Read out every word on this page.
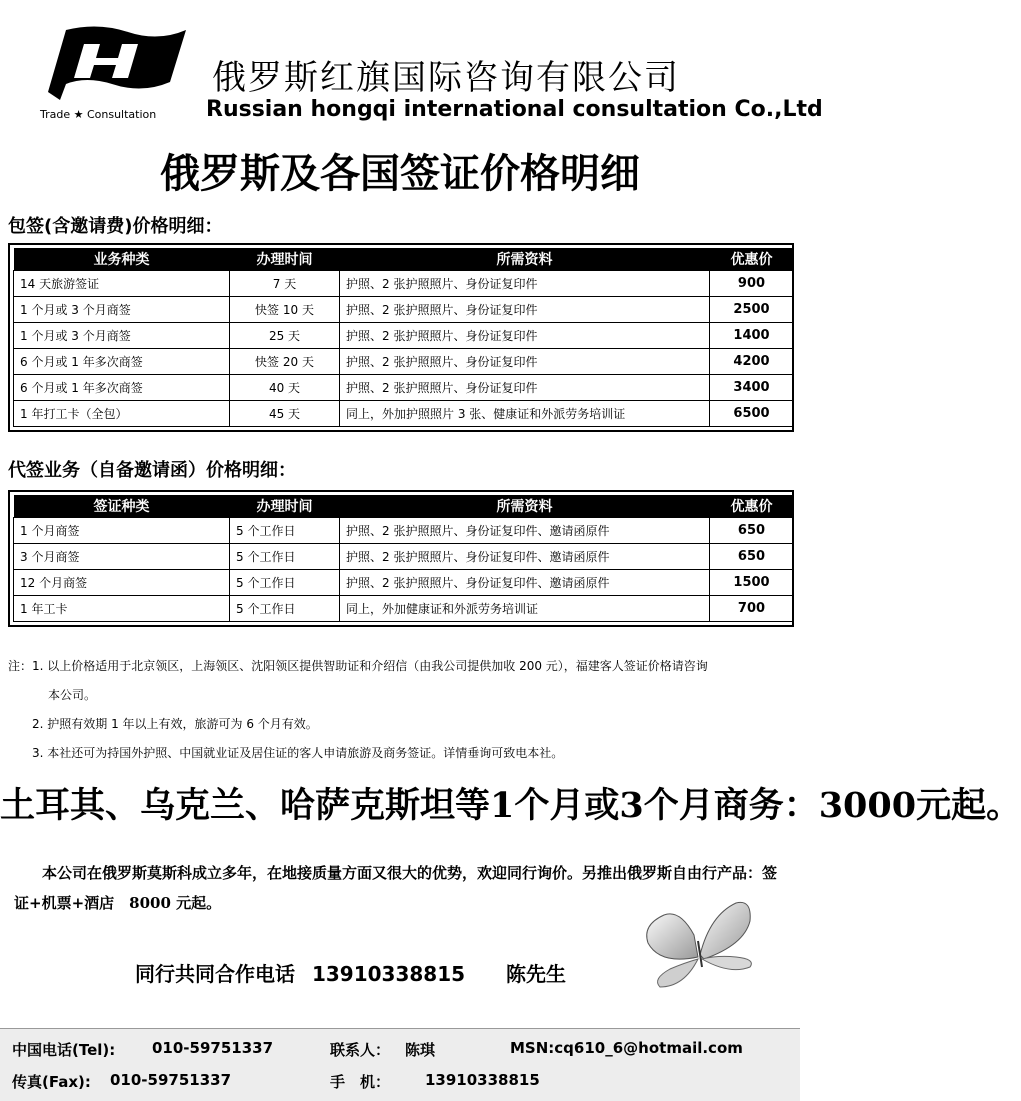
Trade ★ Consultation
俄罗斯红旗国际咨询有限公司
Russian hongqi international consultation Co.,Ltd
俄罗斯及各国签证价格明细
包签(含邀请费)价格明细：
业务种类	办理时间	所需资料	优惠价
14 天旅游签证	7 天	护照、2 张护照照片、身份证复印件	900
1 个月或 3 个月商签	快签 10 天	护照、2 张护照照片、身份证复印件	2500
1 个月或 3 个月商签	25 天	护照、2 张护照照片、身份证复印件	1400
6 个月或 1 年多次商签	快签 20 天	护照、2 张护照照片、身份证复印件	4200
6 个月或 1 年多次商签	40 天	护照、2 张护照照片、身份证复印件	3400
1 年打工卡（全包）	45 天	同上，外加护照照片 3 张、健康证和外派劳务培训证	6500
代签业务（自备邀请函）价格明细：
签证种类	办理时间	所需资料	优惠价
1 个月商签	5 个工作日	护照、2 张护照照片、身份证复印件、邀请函原件	650
3 个月商签	5 个工作日	护照、2 张护照照片、身份证复印件、邀请函原件	650
12 个月商签	5 个工作日	护照、2 张护照照片、身份证复印件、邀请函原件	1500
1 年工卡	5 个工作日	同上，外加健康证和外派劳务培训证	700
注：1. 以上价格适用于北京领区，上海领区、沈阳领区提供智助证和介绍信（由我公司提供加收 200 元），福建客人签证价格请咨询
本公司。
2. 护照有效期 1 年以上有效，旅游可为 6 个月有效。
3. 本社还可为持国外护照、中国就业证及居住证的客人申请旅游及商务签证。详情垂询可致电本社。
土耳其、乌克兰、哈萨克斯坦等1个月或3个月商务：3000元起。
本公司在俄罗斯莫斯科成立多年，在地接质量方面又很大的优势，欢迎同行询价。另推出俄罗斯自由行产品：签证+机票+酒店　8000 元起。
同行共同合作电话 13910338815 陈先生
中国电话(Tel): 010-59751337	联系人： 陈琪	MSN:cq610_6@hotmail.com
传真(Fax): 010-59751337	手　机： 13910338815
